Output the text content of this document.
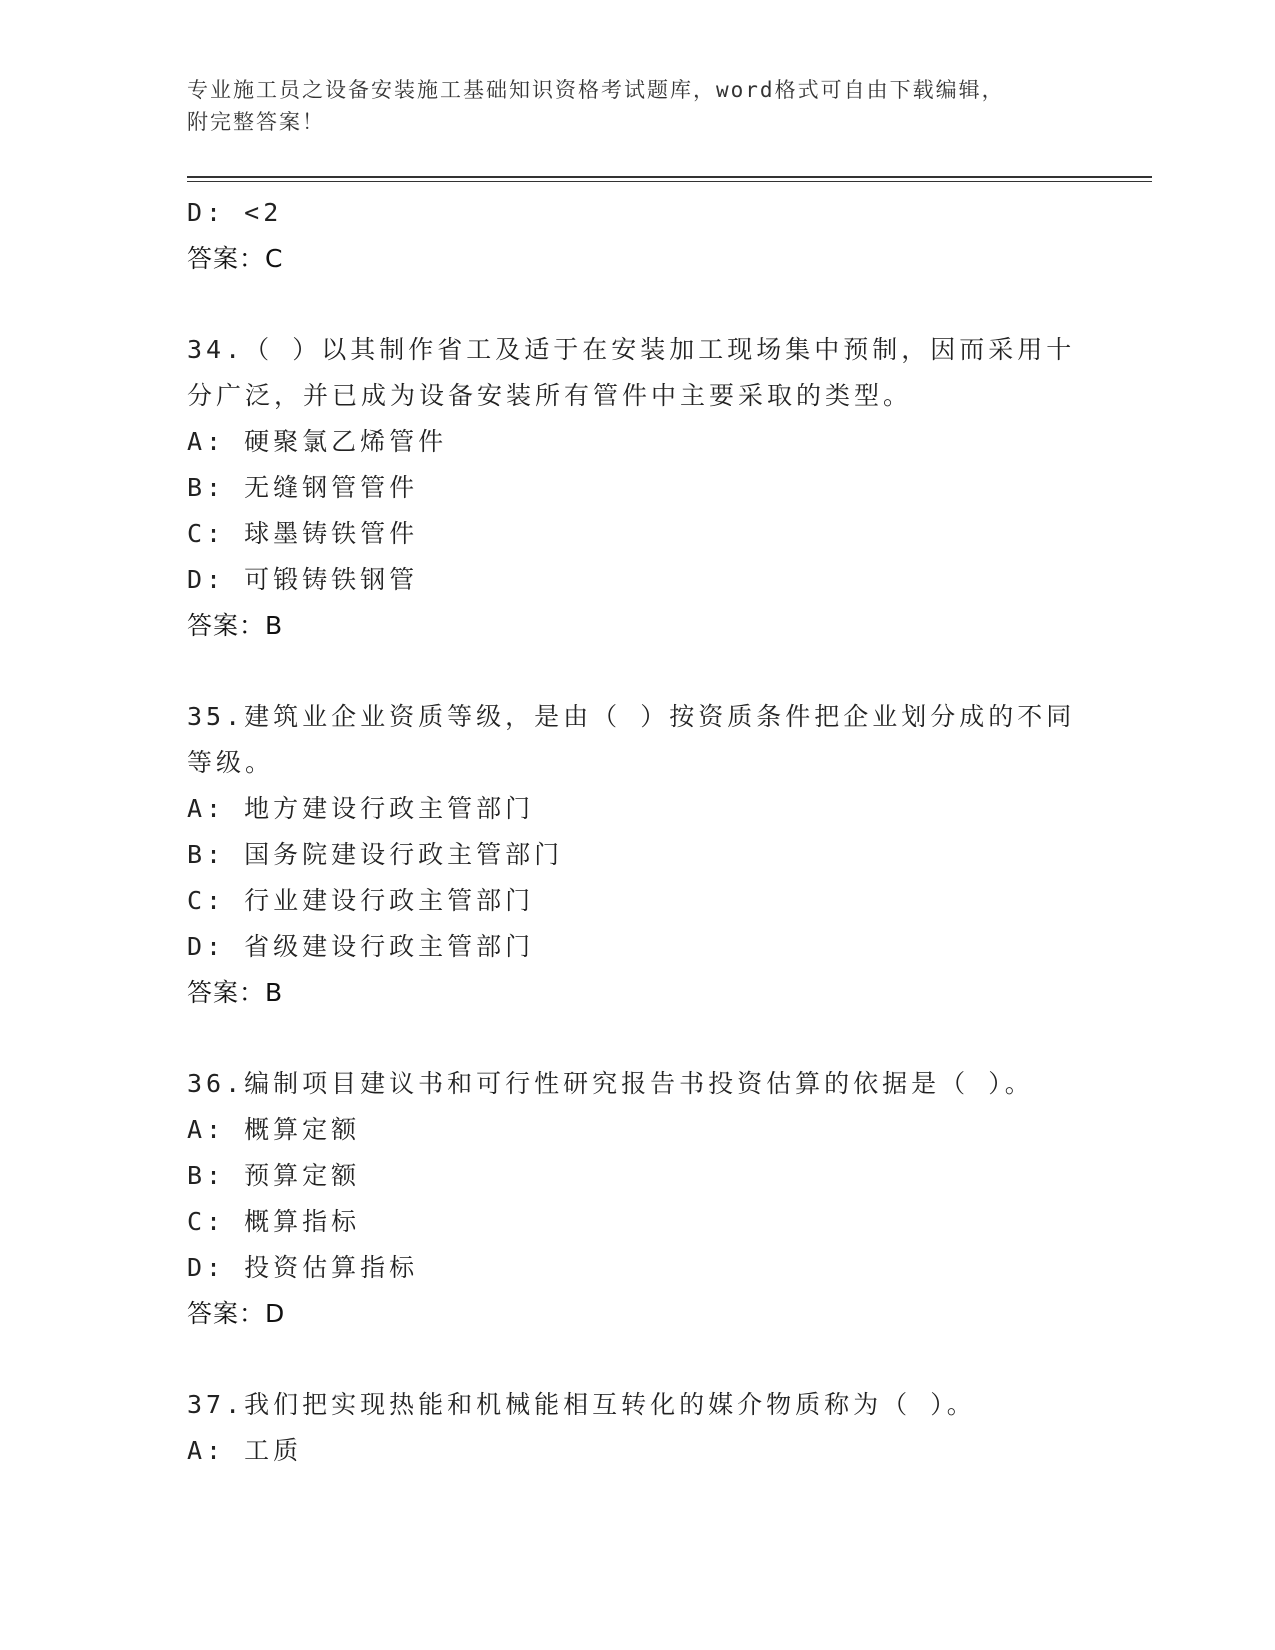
专业施工员之设备安装施工基础知识资格考试题库，word格式可自由下载编辑，
附完整答案！
D: <2
答案：C
34.（ ）以其制作省工及适于在安装加工现场集中预制，因而采用十分广泛，并已成为设备安装所有管件中主要采取的类型。
A: 硬聚氯乙烯管件
B: 无缝钢管管件
C: 球墨铸铁管件
D: 可锻铸铁钢管
答案：B
35.建筑业企业资质等级，是由（ ）按资质条件把企业划分成的不同等级。
A: 地方建设行政主管部门
B: 国务院建设行政主管部门
C: 行业建设行政主管部门
D: 省级建设行政主管部门
答案：B
36.编制项目建议书和可行性研究报告书投资估算的依据是（ ）。
A: 概算定额
B: 预算定额
C: 概算指标
D: 投资估算指标
答案：D
37.我们把实现热能和机械能相互转化的媒介物质称为（ ）。
A: 工质
